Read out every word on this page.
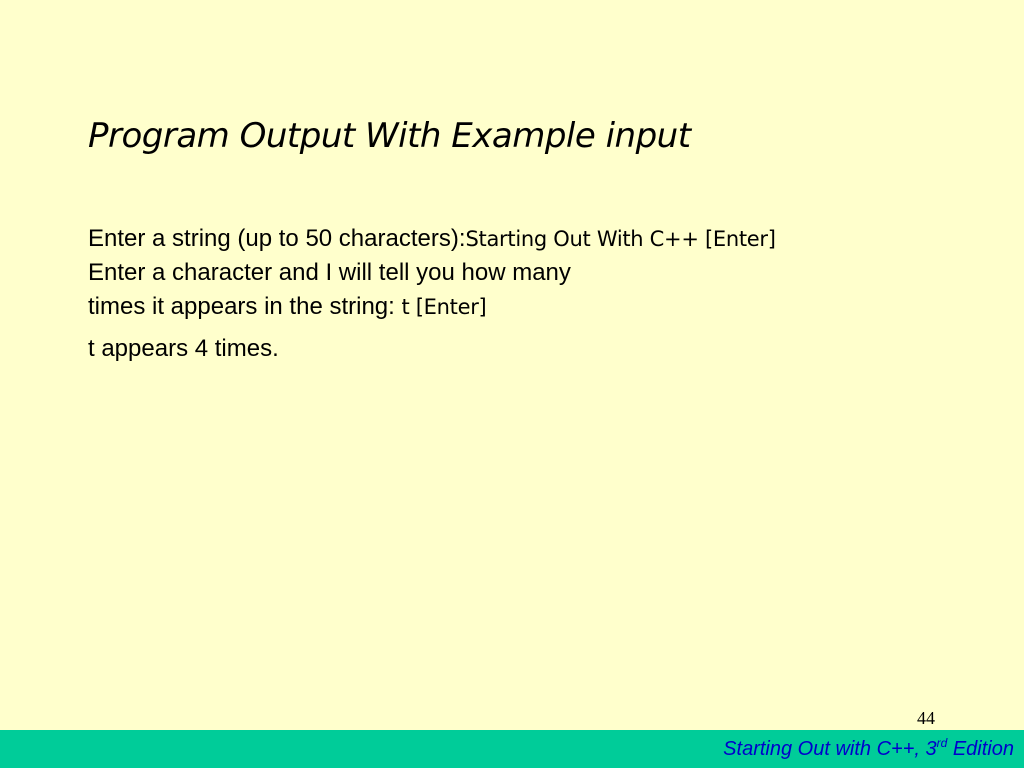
Program Output With Example input
Enter a string (up to 50 characters):Starting Out With C++ [Enter]
Enter a character and I will tell you how many
times it appears in the string: t [Enter]
t appears 4 times.
44
Starting Out with C++, 3rd Edition
